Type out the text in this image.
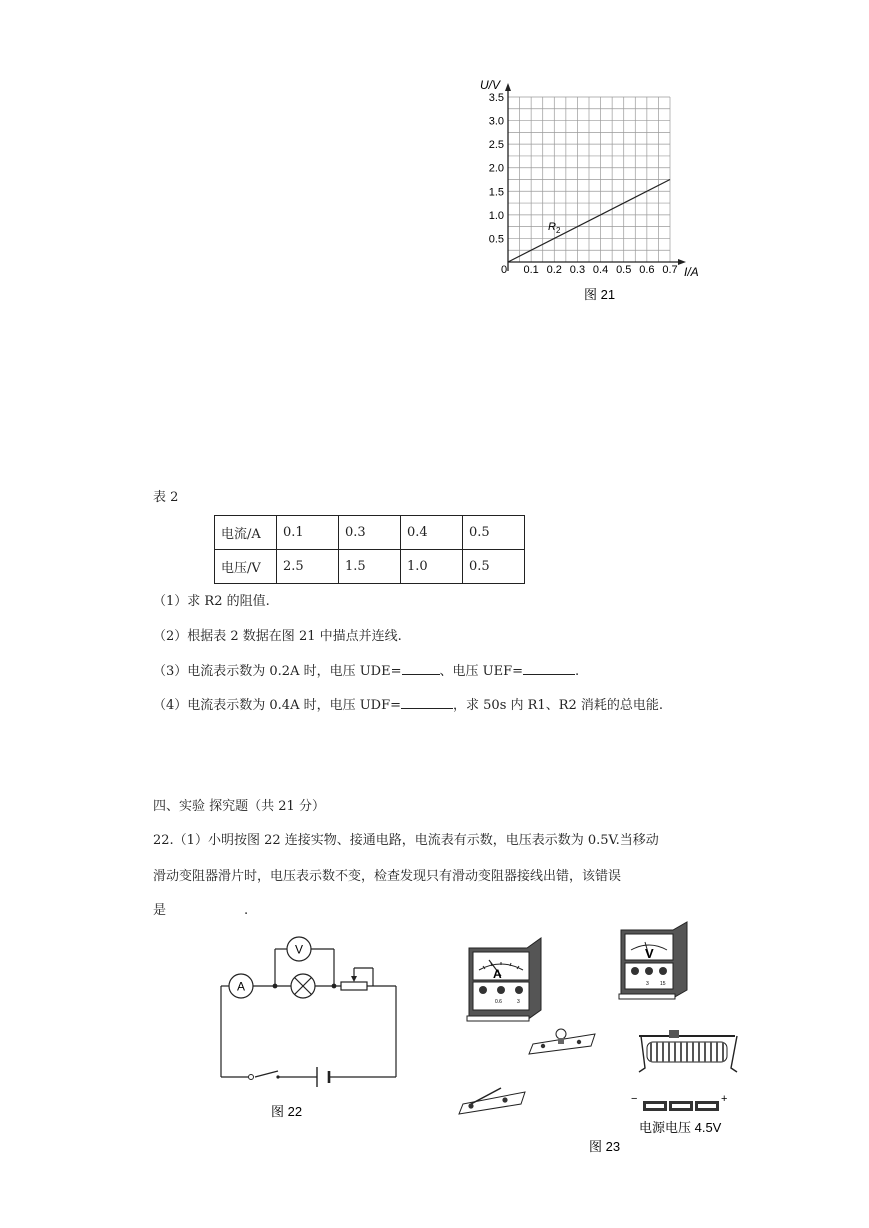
$R_2$
U/V
I/A
0
3.5
3.0
2.5
2.0
1.5
1.0
0.5
0.1 0.2 0.3 0.4 0.5 0.6 0.7
图 21
表 2
电流/A	0.1	0.3	0.4	0.5
电压/V	2.5	1.5	1.0	0.5
（1）求 R2 的阻值.
（2）根据表 2 数据在图 21 中描点并连线.
（3）电流表示数为 0.2A 时，电压 UDE=	、电压 UEF=	.
（4）电流表示数为 0.4A 时，电压 UDF=	，求 50s 内 R1、R2 消耗的总电能.
四、实验 探究题（共 21 分）
22.（1）小明按图 22 连接实物、接通电路，电流表有示数，电压表示数为 0.5V.当移动
滑动变阻器滑片时，电压表示数不变，检查发现只有滑动变阻器接线出错，该错误
是	.
A
V
图 22
A
0.6	3
V
3 15
−	+
电源电压 4.5V
图 23
